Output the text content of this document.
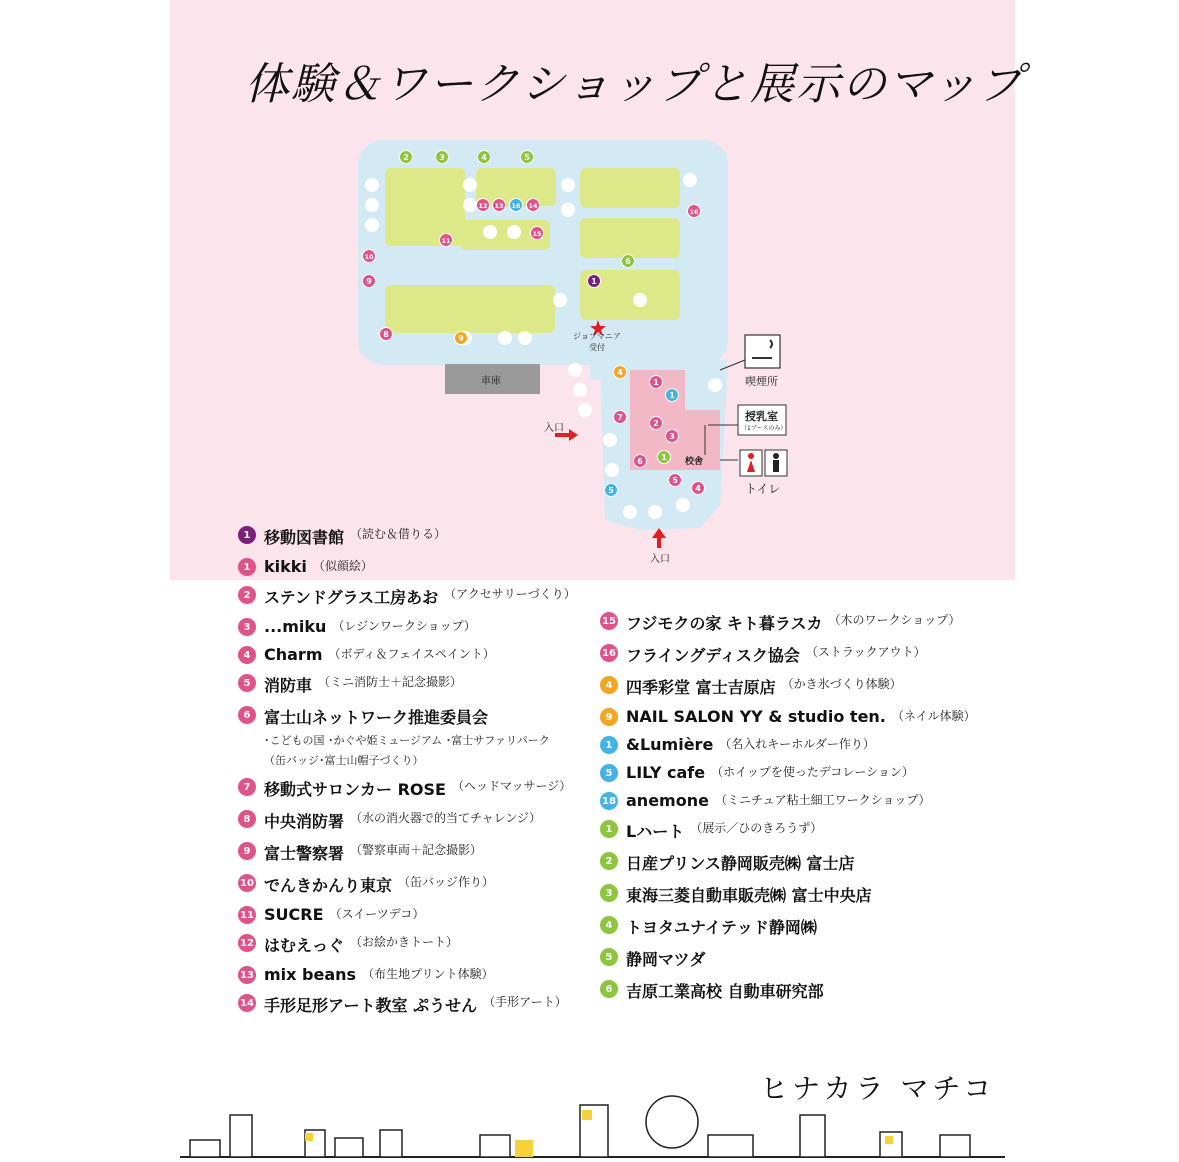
体験＆ワークショップと展示のマップ
2	3	4	5
12 13 16 14
16
11
15
10
9
8	9
1
6
4
1
1
7
2
3
6 1
5
4
5
車庫
ジョブマニア
受付
校舎
喫煙所
授乳室
（1ブースのみ）
トイレ
入口
入口
1 移動図書館 （読む＆借りる）
1 kikki （似顔絵）
2 ステンドグラス工房あお （アクセサリーづくり）
3 ...miku （レジンワークショップ）
4 Charm （ボディ＆フェイスペイント）
5 消防車 （ミニ消防士＋記念撮影）
6 富士山ネットワーク推進委員会
･こどもの国 ･かぐや姫ミュージアム ･富士サファリパーク
（缶バッジ･富士山帽子づくり）
7 移動式サロンカー ROSE （ヘッドマッサージ）
8 中央消防署 （水の消火器で的当てチャレンジ）
9 富士警察署 （警察車両＋記念撮影）
10 でんきかんり東京 （缶バッジ作り）
11 SUCRE （スイーツデコ）
12 はむえっぐ （お絵かきトート）
13 mix beans （布生地プリント体験）
14 手形足形アート教室 ぷうせん （手形アート）
15 フジモクの家 キト暮ラスカ （木のワークショップ）
16 フライングディスク協会 （ストラックアウト）
4 四季彩堂 富士吉原店 （かき氷づくり体験）
9 NAIL SALON YY & studio ten. （ネイル体験）
1 &Lumière （名入れキーホルダー作り）
5 LILY cafe （ホイップを使ったデコレーション）
18 anemone （ミニチュア粘土細工ワークショップ）
1 Lハート （展示／ひのきろうず）
2 日産プリンス静岡販売㈱ 富士店
3 東海三菱自動車販売㈱ 富士中央店
4 トヨタユナイテッド静岡㈱
5 静岡マツダ
6 吉原工業高校 自動車研究部
ヒナカラ マチコ
